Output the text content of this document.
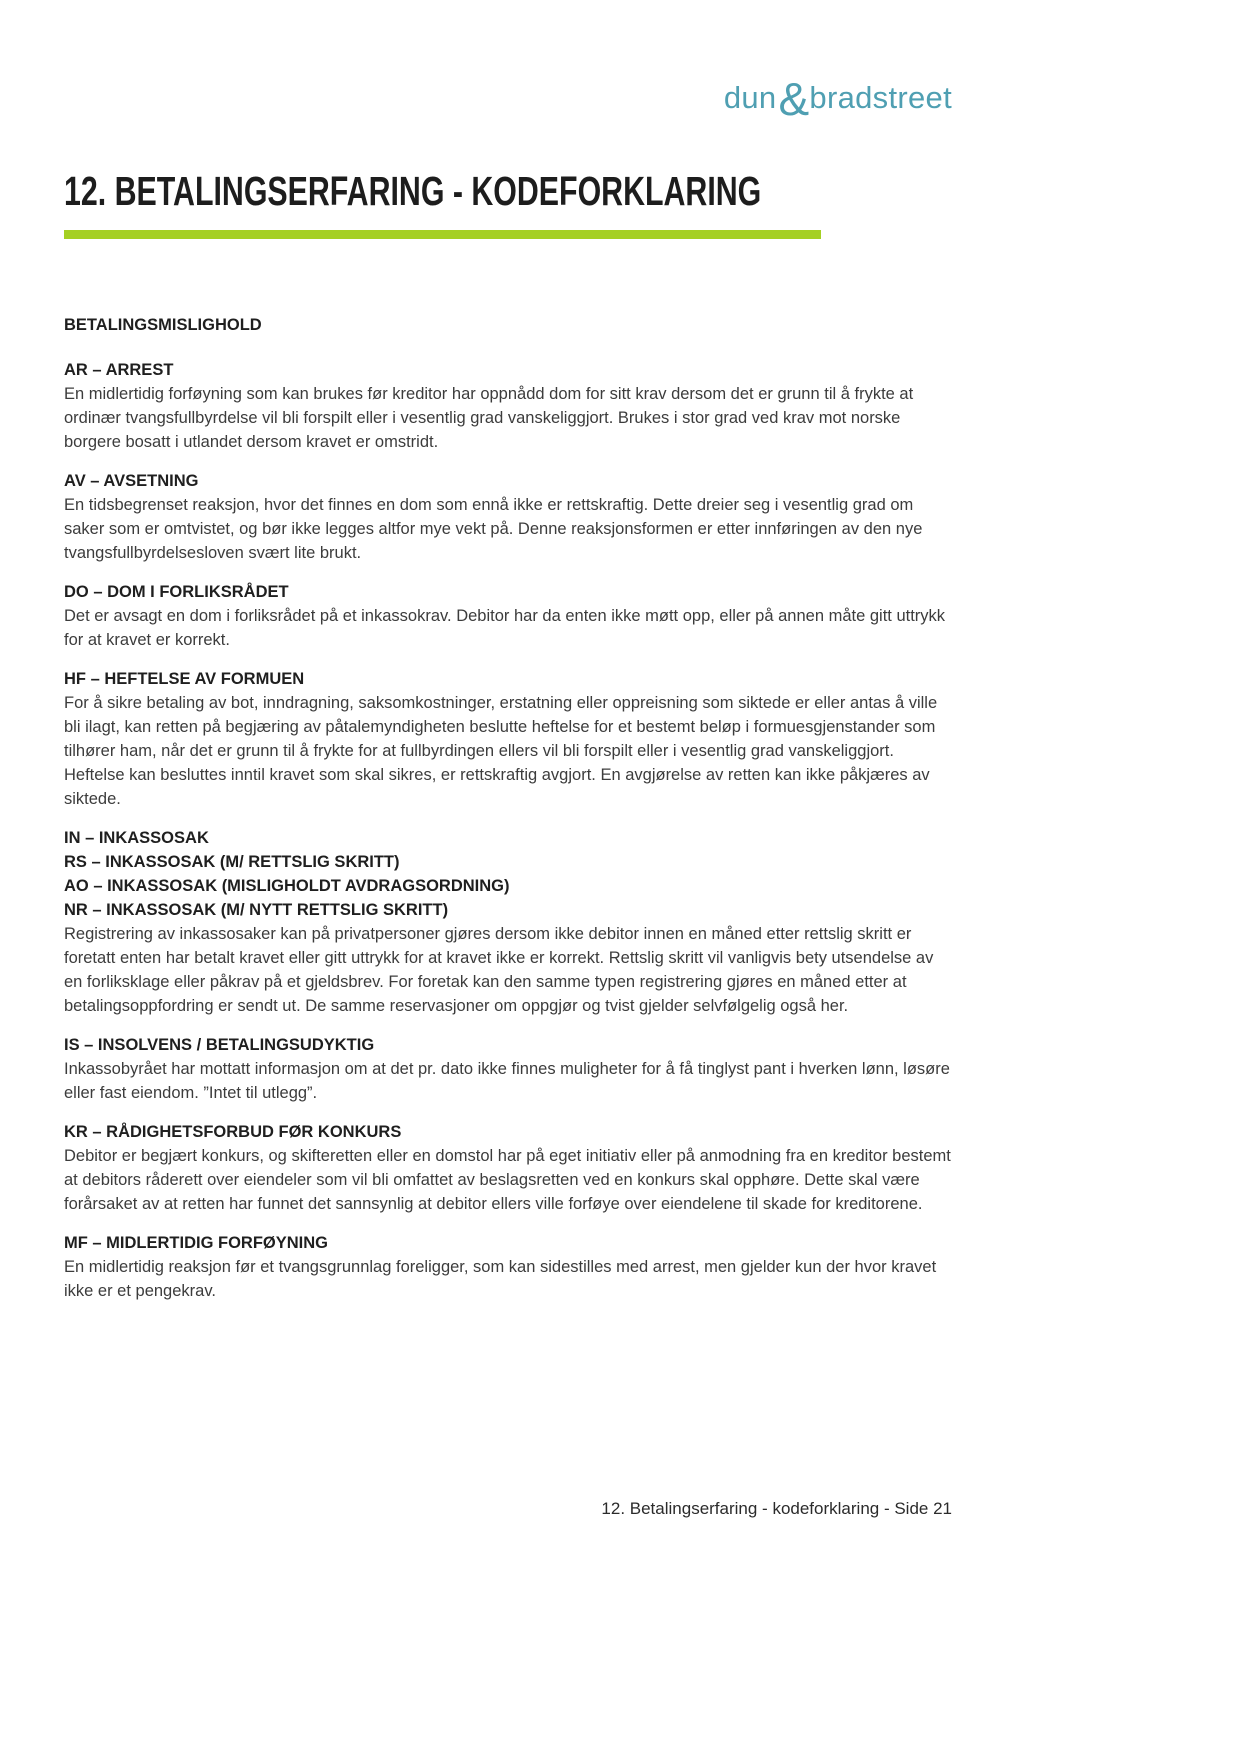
dun&bradstreet
12. BETALINGSERFARING - KODEFORKLARING
BETALINGSMISLIGHOLD
AR – ARREST

En midlertidig forføyning som kan brukes før kreditor har oppnådd dom for sitt krav dersom det er grunn til å frykte at ordinær tvangsfullbyrdelse vil bli forspilt eller i vesentlig grad vanskeliggjort. Brukes i stor grad ved krav mot norske borgere bosatt i utlandet dersom kravet er omstridt.

AV – AVSETNING

En tidsbegrenset reaksjon, hvor det finnes en dom som ennå ikke er rettskraftig. Dette dreier seg i vesentlig grad om saker som er omtvistet, og bør ikke legges altfor mye vekt på. Denne reaksjonsformen er etter innføringen av den nye tvangsfullbyrdelsesloven svært lite brukt.

DO – DOM I FORLIKSRÅDET

Det er avsagt en dom i forliksrådet på et inkassokrav. Debitor har da enten ikke møtt opp, eller på annen måte gitt uttrykk for at kravet er korrekt.

HF – HEFTELSE AV FORMUEN

For å sikre betaling av bot, inndragning, saksomkostninger, erstatning eller oppreisning som siktede er eller antas å ville bli ilagt, kan retten på begjæring av påtalemyndigheten beslutte heftelse for et bestemt beløp i formuesgjenstander som tilhører ham, når det er grunn til å frykte for at fullbyrdingen ellers vil bli forspilt eller i vesentlig grad vanskeliggjort. Heftelse kan besluttes inntil kravet som skal sikres, er rettskraftig avgjort. En avgjørelse av retten kan ikke påkjæres av siktede.

IN – INKASSOSAK
RS – INKASSOSAK (M/ RETTSLIG SKRITT)
AO – INKASSOSAK (MISLIGHOLDT AVDRAGSORDNING)
NR – INKASSOSAK (M/ NYTT RETTSLIG SKRITT)

Registrering av inkassosaker kan på privatpersoner gjøres dersom ikke debitor innen en måned etter rettslig skritt er foretatt enten har betalt kravet eller gitt uttrykk for at kravet ikke er korrekt. Rettslig skritt vil vanligvis bety utsendelse av en forliksklage eller påkrav på et gjeldsbrev. For foretak kan den samme typen registrering gjøres en måned etter at betalingsoppfordring er sendt ut. De samme reservasjoner om oppgjør og tvist gjelder selvfølgelig også her.

IS – INSOLVENS / BETALINGSUDYKTIG

Inkassobyrået har mottatt informasjon om at det pr. dato ikke finnes muligheter for å få tinglyst pant i hverken lønn, løsøre eller fast eiendom. ”Intet til utlegg”.

KR – RÅDIGHETSFORBUD FØR KONKURS

Debitor er begjært konkurs, og skifteretten eller en domstol har på eget initiativ eller på anmodning fra en kreditor bestemt at debitors råderett over eiendeler som vil bli omfattet av beslagsretten ved en konkurs skal opphøre. Dette skal være forårsaket av at retten har funnet det sannsynlig at debitor ellers ville forføye over eiendelene til skade for kreditorene.

MF – MIDLERTIDIG FORFØYNING

En midlertidig reaksjon før et tvangsgrunnlag foreligger, som kan sidestilles med arrest, men gjelder kun der hvor kravet ikke er et pengekrav.

12. Betalingserfaring - kodeforklaring - Side 21
